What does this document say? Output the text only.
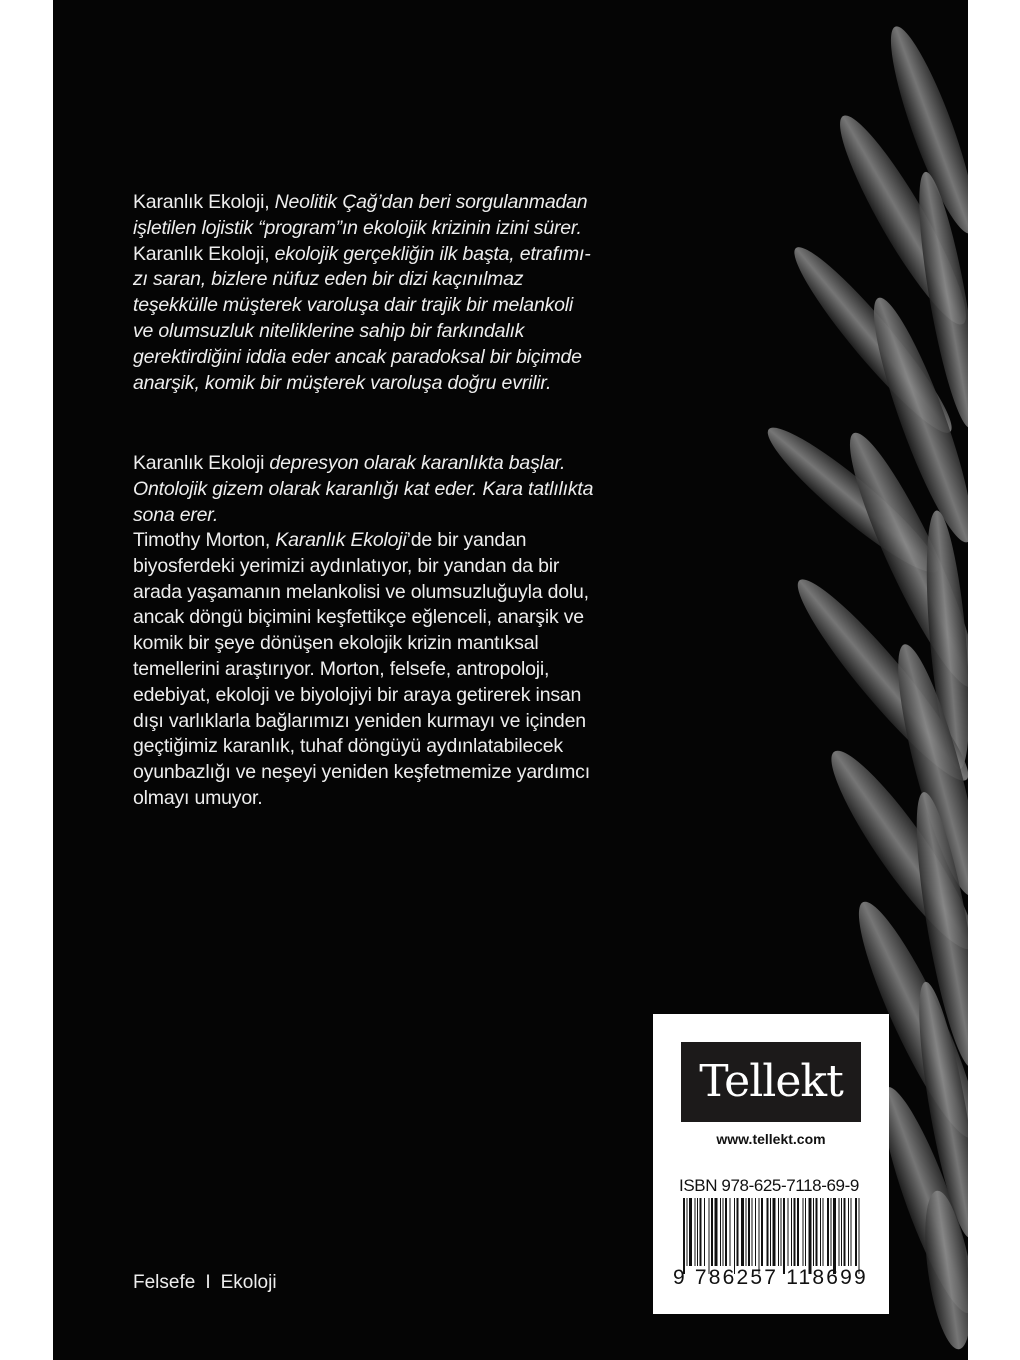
Karanlık Ekoloji, Neolitik Çağ’dan beri sorgulanmadan
işletilen lojistik “program”ın ekolojik krizinin izini sürer.
Karanlık Ekoloji, ekolojik gerçekliğin ilk başta, etrafımı-
zı saran, bizlere nüfuz eden bir dizi kaçınılmaz
teşekkülle müşterek varoluşa dair trajik bir melankoli
ve olumsuzluk niteliklerine sahip bir farkındalık
gerektirdiğini iddia eder ancak paradoksal bir biçimde
anarşik, komik bir müşterek varoluşa doğru evrilir.
Karanlık Ekoloji depresyon olarak karanlıkta başlar.
Ontolojik gizem olarak karanlığı kat eder. Kara tatlılıkta
sona erer.
Timothy Morton, Karanlık Ekoloji’de bir yandan
biyosferdeki yerimizi aydınlatıyor, bir yandan da bir
arada yaşamanın melankolisi ve olumsuzluğuyla dolu,
ancak döngü biçimini keşfettikçe eğlenceli, anarşik ve
komik bir şeye dönüşen ekolojik krizin mantıksal
temellerini araştırıyor. Morton, felsefe, antropoloji,
edebiyat, ekoloji ve biyolojiyi bir araya getirerek insan
dışı varlıklarla bağlarımızı yeniden kurmayı ve içinden
geçtiğimiz karanlık, tuhaf döngüyü aydınlatabilecek
oyunbazlığı ve neşeyi yeniden keşfetmemize yardımcı
olmayı umuyor.
Tellekt
www.tellekt.com
ISBN 978-625-7118-69-9
9 786257 118699
Felsefe I Ekoloji
